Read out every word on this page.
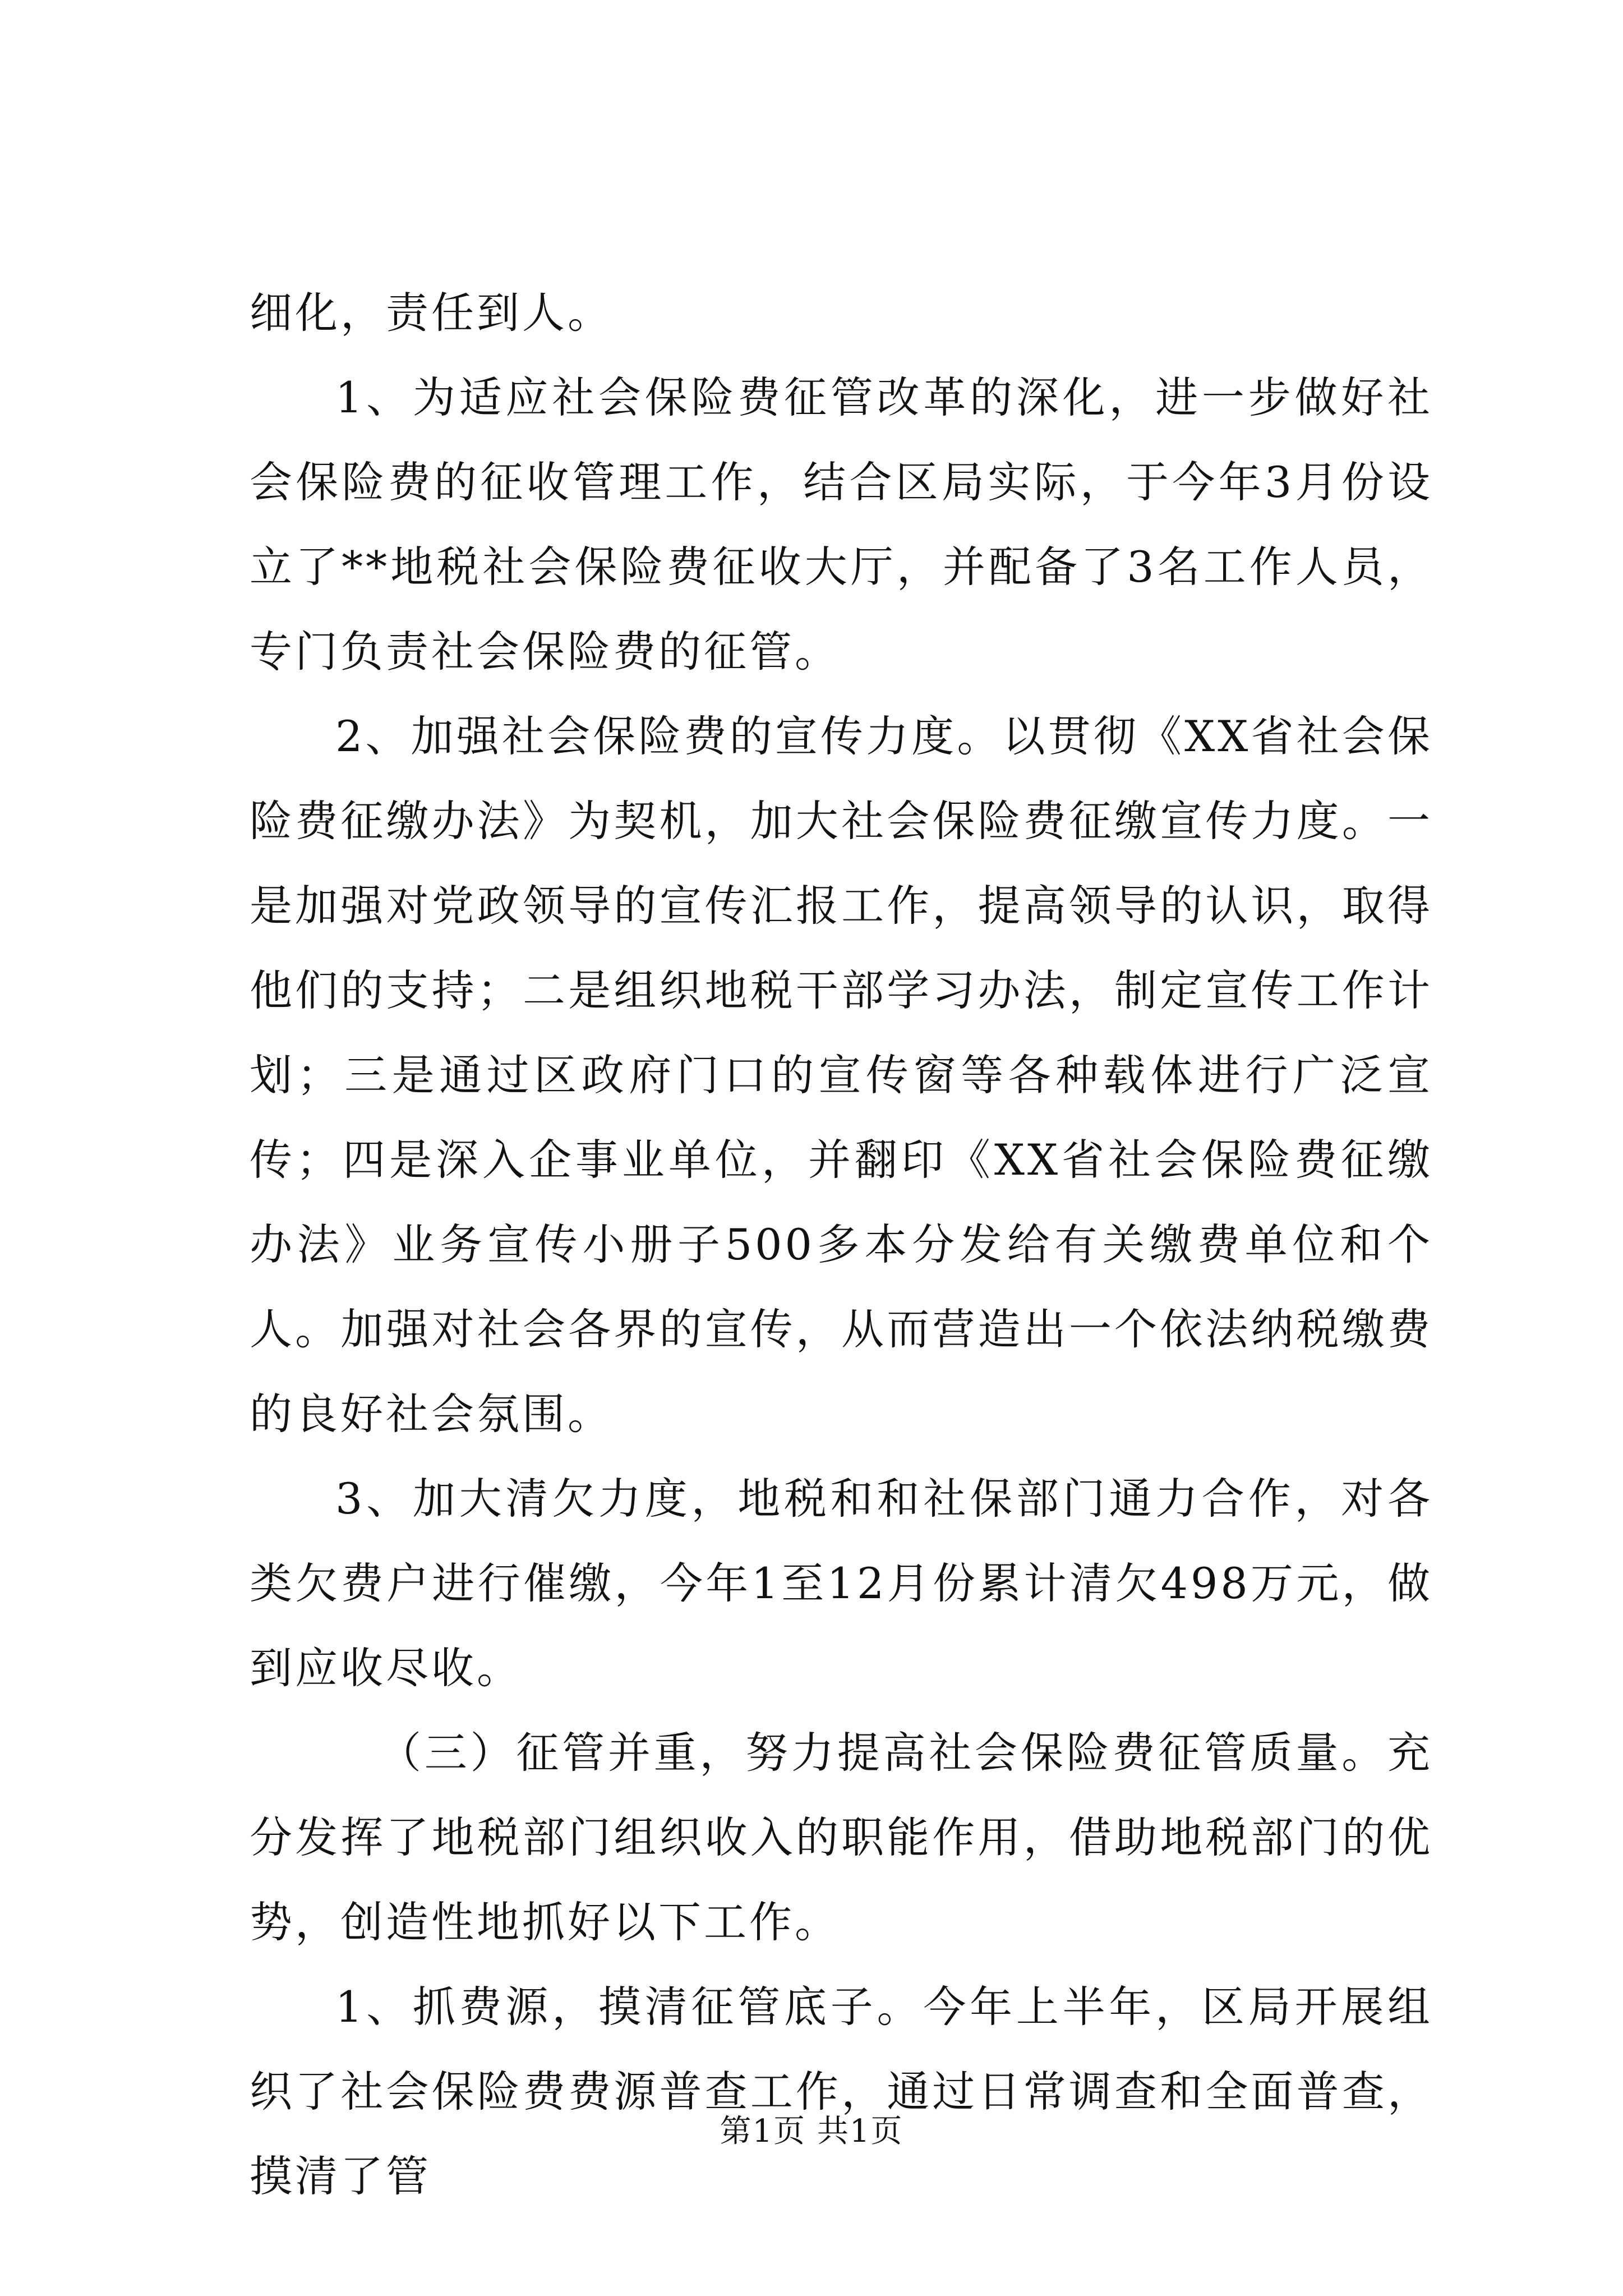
细化，责任到人。

1、为适应社会保险费征管改革的深化，进一步做好社会保险费的征收管理工作，结合区局实际，于今年3月份设立了**地税社会保险费征收大厅，并配备了3名工作人员，专门负责社会保险费的征管。

2、加强社会保险费的宣传力度。以贯彻《XX省社会保险费征缴办法》为契机，加大社会保险费征缴宣传力度。一是加强对党政领导的宣传汇报工作，提高领导的认识，取得他们的支持；二是组织地税干部学习办法，制定宣传工作计划；三是通过区政府门口的宣传窗等各种载体进行广泛宣传；四是深入企事业单位，并翻印《XX省社会保险费征缴办法》业务宣传小册子500多本分发给有关缴费单位和个人。加强对社会各界的宣传，从而营造出一个依法纳税缴费的良好社会氛围。

3、加大清欠力度，地税和和社保部门通力合作，对各类欠费户进行催缴，今年1至12月份累计清欠498万元，做到应收尽收。

（三）征管并重，努力提高社会保险费征管质量。充分发挥了地税部门组织收入的职能作用，借助地税部门的优势，创造性地抓好以下工作。

1、抓费源，摸清征管底子。今年上半年，区局开展组织了社会保险费费源普查工作，通过日常调查和全面普查，摸清了管

第1页 共1页
